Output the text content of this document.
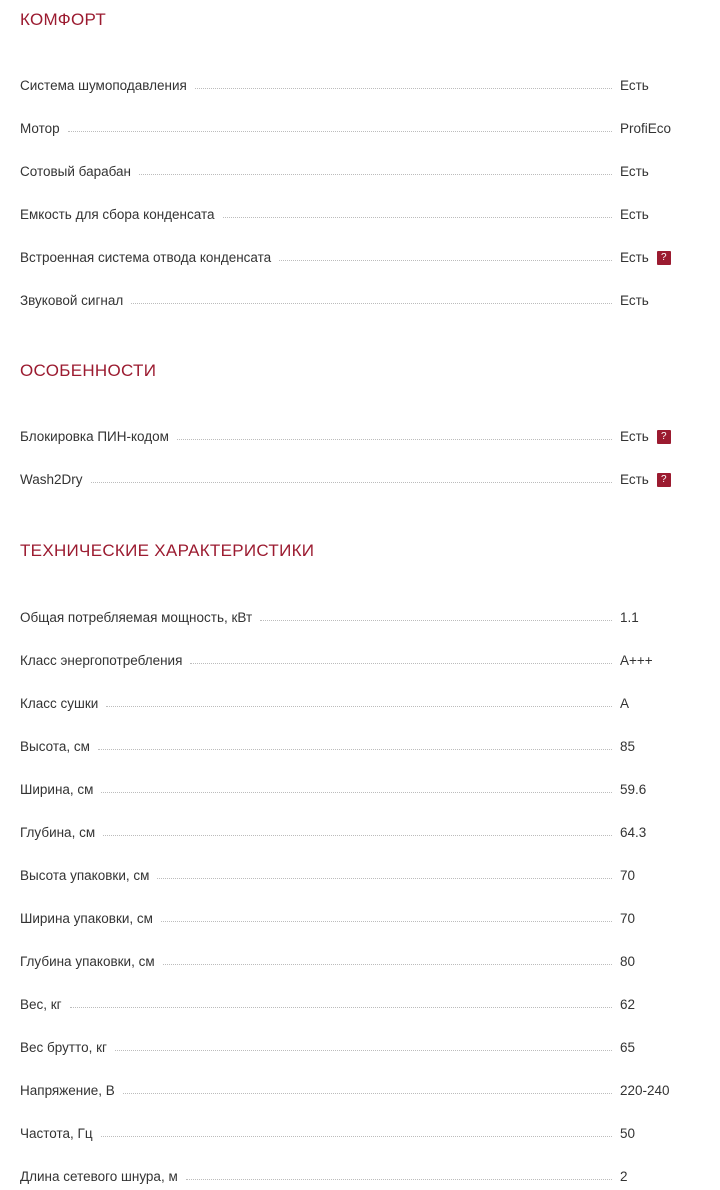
КОМФОРТ
Система шумоподавления	Есть
Мотор	ProfiEco
Сотовый барабан	Есть
Емкость для сбора конденсата	Есть
Встроенная система отвода конденсата	Есть	?
Звуковой сигнал	Есть
ОСОБЕННОСТИ
Блокировка ПИН-кодом	Есть	?
Wash2Dry	Есть	?
ТЕХНИЧЕСКИЕ ХАРАКТЕРИСТИКИ
Общая потребляемая мощность, кВт	1.1
Класс энергопотребления	A+++
Класс сушки	A
Высота, см	85
Ширина, см	59.6
Глубина, см	64.3
Высота упаковки, см	70
Ширина упаковки, см	70
Глубина упаковки, см	80
Вес, кг	62
Вес брутто, кг	65
Напряжение, В	220-240
Частота, Гц	50
Длина сетевого шнура, м	2
